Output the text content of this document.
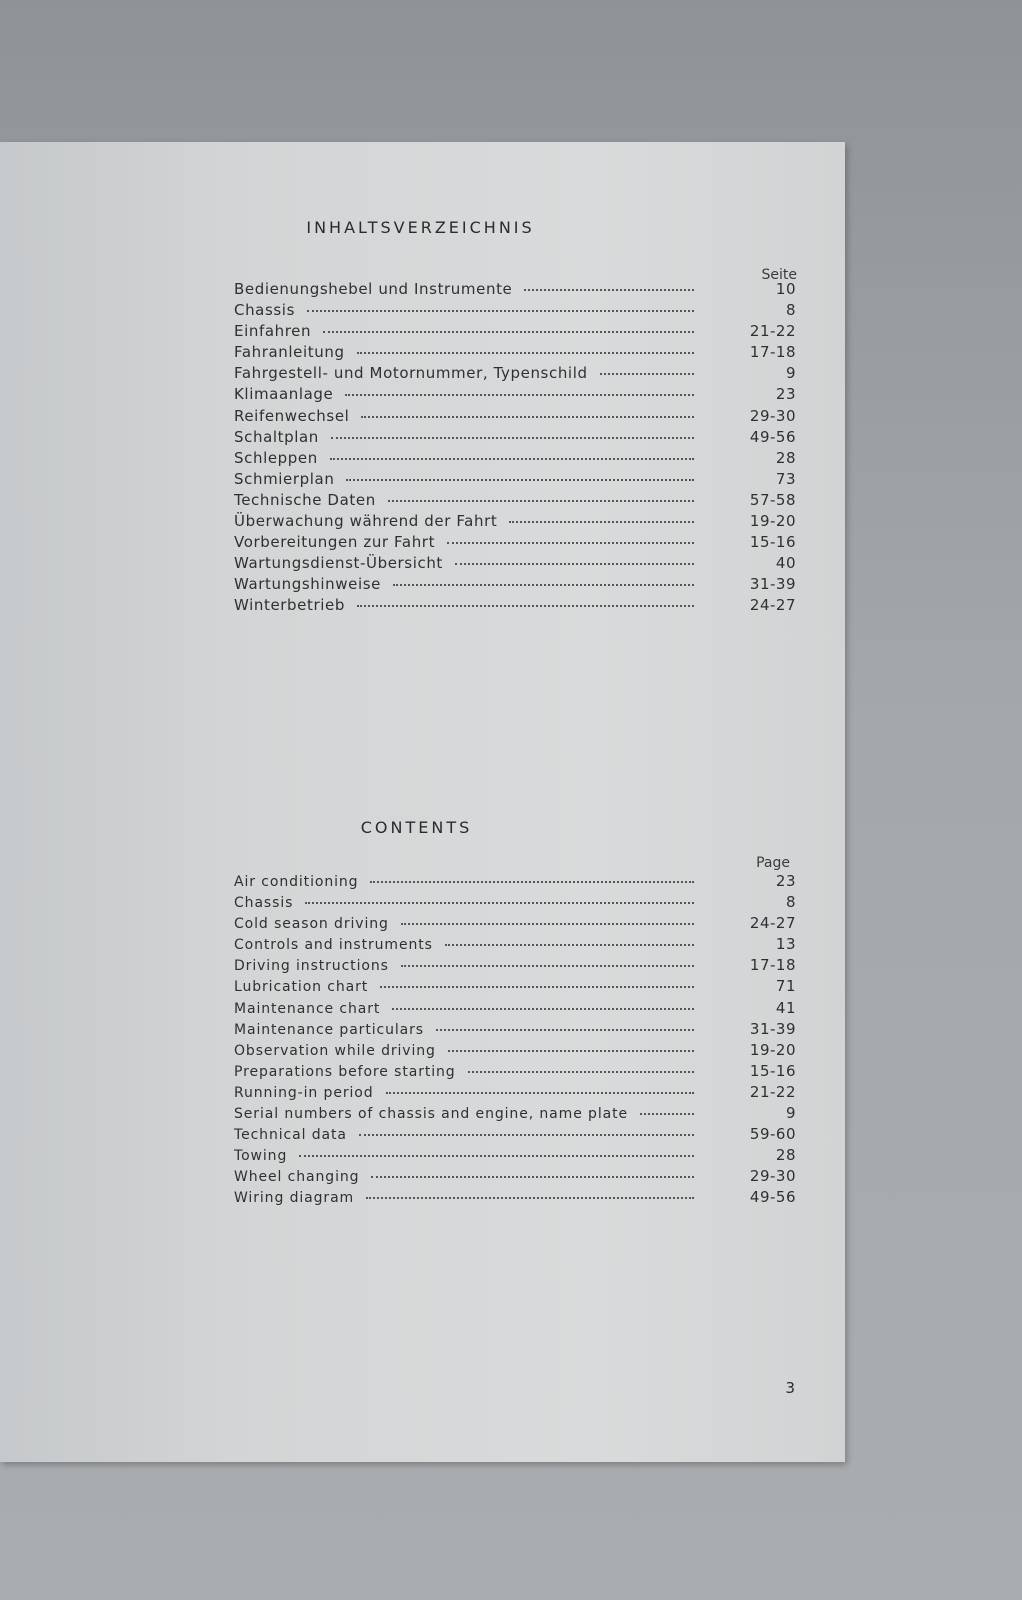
INHALTSVERZEICHNIS
Seite
Bedienungshebel und Instrumente	10
Chassis	8
Einfahren	21-22
Fahranleitung	17-18
Fahrgestell- und Motornummer, Typenschild	9
Klimaanlage	23
Reifenwechsel	29-30
Schaltplan	49-56
Schleppen	28
Schmierplan	73
Technische Daten	57-58
Überwachung während der Fahrt	19-20
Vorbereitungen zur Fahrt	15-16
Wartungsdienst-Übersicht	40
Wartungshinweise	31-39
Winterbetrieb	24-27
CONTENTS
Page
Air conditioning	23
Chassis	8
Cold season driving	24-27
Controls and instruments	13
Driving instructions	17-18
Lubrication chart	71
Maintenance chart	41
Maintenance particulars	31-39
Observation while driving	19-20
Preparations before starting	15-16
Running-in period	21-22
Serial numbers of chassis and engine, name plate	9
Technical data	59-60
Towing	28
Wheel changing	29-30
Wiring diagram	49-56
3
